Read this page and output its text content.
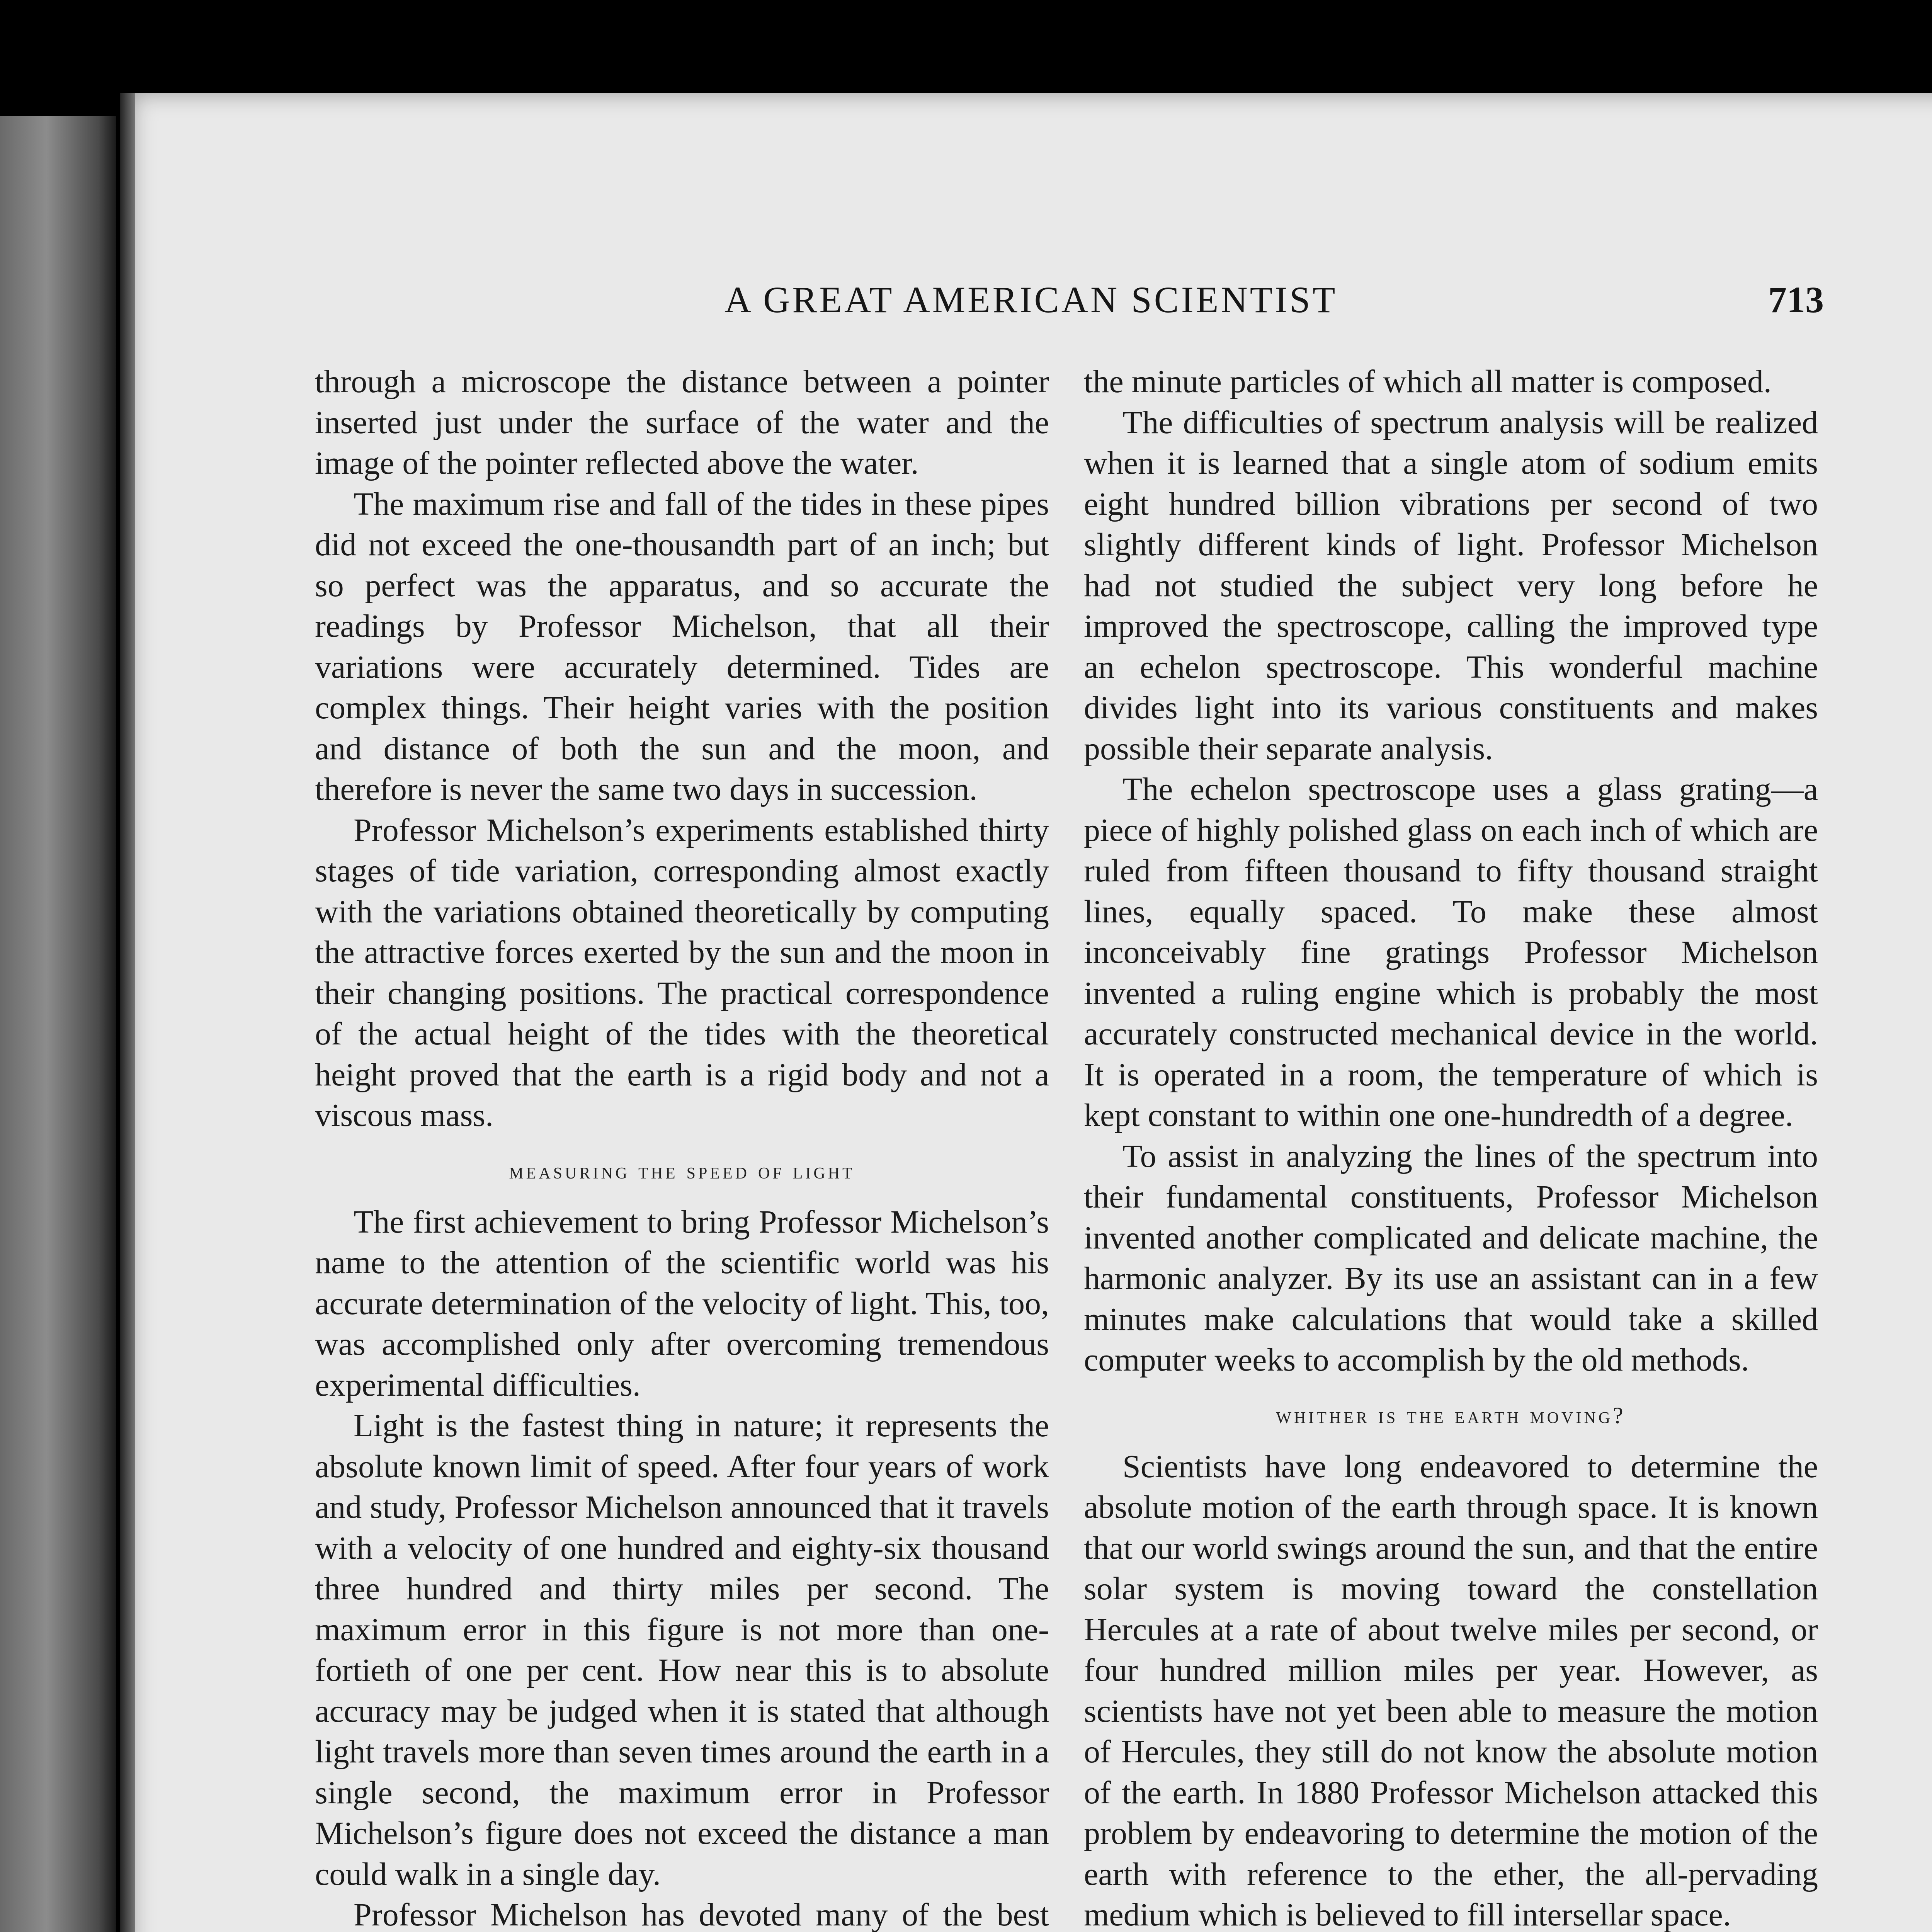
A GREAT AMERICAN SCIENTIST	713

through a microscope the distance between a pointer inserted just under the surface of the water and the image of the pointer reflected above the water.

The maximum rise and fall of the tides in these pipes did not exceed the one-thousandth part of an inch; but so perfect was the apparatus, and so accurate the readings by Professor Michelson, that all their variations were accurately determined. Tides are complex things. Their height varies with the position and distance of both the sun and the moon, and therefore is never the same two days in succession.

Professor Michelson’s experiments established thirty stages of tide variation, corresponding almost exactly with the variations obtained theoretically by computing the attractive forces exerted by the sun and the moon in their changing positions. The practical correspondence of the actual height of the tides with the theoretical height proved that the earth is a rigid body and not a viscous mass.

measuring the speed of light

The first achievement to bring Professor Michelson’s name to the attention of the scientific world was his accurate determination of the velocity of light. This, too, was accomplished only after overcoming tremendous experimental difficulties.

Light is the fastest thing in nature; it represents the absolute known limit of speed. After four years of work and study, Professor Michelson announced that it travels with a velocity of one hundred and eighty-six thousand three hundred and thirty miles per second. The maximum error in this figure is not more than one-fortieth of one per cent. How near this is to absolute accuracy may be judged when it is stated that although light travels more than seven times around the earth in a single second, the maximum error in Professor Michelson’s figure does not exceed the distance a man could walk in a single day.

Professor Michelson has devoted many of the best

the minute particles of which all matter is composed.

The difficulties of spectrum analysis will be realized when it is learned that a single atom of sodium emits eight hundred billion vibrations per second of two slightly different kinds of light. Professor Michelson had not studied the subject very long before he improved the spectroscope, calling the improved type an echelon spectroscope. This wonderful machine divides light into its various constituents and makes possible their separate analysis.

The echelon spectroscope uses a glass grating—a piece of highly polished glass on each inch of which are ruled from fifteen thousand to fifty thousand straight lines, equally spaced. To make these almost inconceivably fine gratings Professor Michelson invented a ruling engine which is probably the most accurately constructed mechanical device in the world. It is operated in a room, the temperature of which is kept constant to within one one-hundredth of a degree.

To assist in analyzing the lines of the spectrum into their fundamental constituents, Professor Michelson invented another complicated and delicate machine, the harmonic analyzer. By its use an assistant can in a few minutes make calculations that would take a skilled computer weeks to accomplish by the old methods.

whither is the earth moving?

Scientists have long endeavored to determine the absolute motion of the earth through space. It is known that our world swings around the sun, and that the entire solar system is moving toward the constellation Hercules at a rate of about twelve miles per second, or four hundred million miles per year. However, as scientists have not yet been able to measure the motion of Hercules, they still do not know the absolute motion of the earth. In 1880 Professor Michelson attacked this problem by endeavoring to determine the motion of the earth with reference to the ether, the all-pervading medium which is believed to fill intersellar space.
